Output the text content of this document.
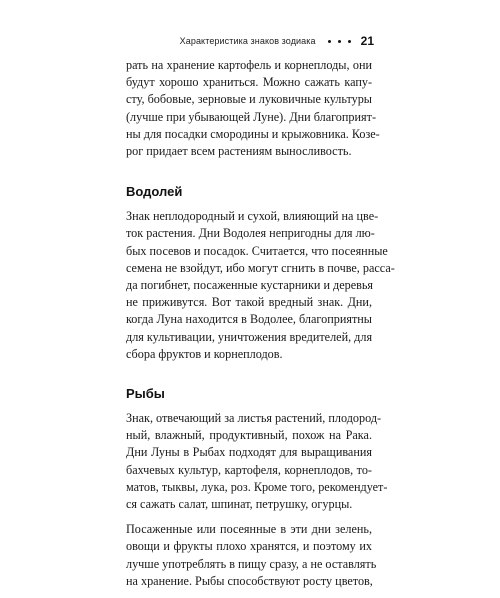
Характеристика знаков зодиака	21

рать на хранение картофель и корнеплоды, они
будут хорошо храниться. Можно сажать капу-
сту, бобовые, зерновые и луковичные культуры
(лучше при убывающей Луне). Дни благоприят-
ны для посадки смородины и крыжовника. Козе-
рог придает всем растениям выносливость.

Водолей

Знак неплодородный и сухой, влияющий на цве-
ток растения. Дни Водолея непригодны для лю-
бых посевов и посадок. Считается, что посеянные
семена не взойдут, ибо могут сгнить в почве, расса-
да погибнет, посаженные кустарники и деревья
не приживутся. Вот такой вредный знак. Дни,
когда Луна находится в Водолее, благоприятны
для культивации, уничтожения вредителей, для
сбора фруктов и корнеплодов.

Рыбы

Знак, отвечающий за листья растений, плодород-
ный, влажный, продуктивный, похож на Рака.
Дни Луны в Рыбах подходят для выращивания
бахчевых культур, картофеля, корнеплодов, то-
матов, тыквы, лука, роз. Кроме того, рекомендует-
ся сажать салат, шпинат, петрушку, огурцы.

Посаженные или посеянные в эти дни зелень,
овощи и фрукты плохо хранятся, и поэтому их
лучше употреблять в пищу сразу, а не оставлять
на хранение. Рыбы способствуют росту цветов,
